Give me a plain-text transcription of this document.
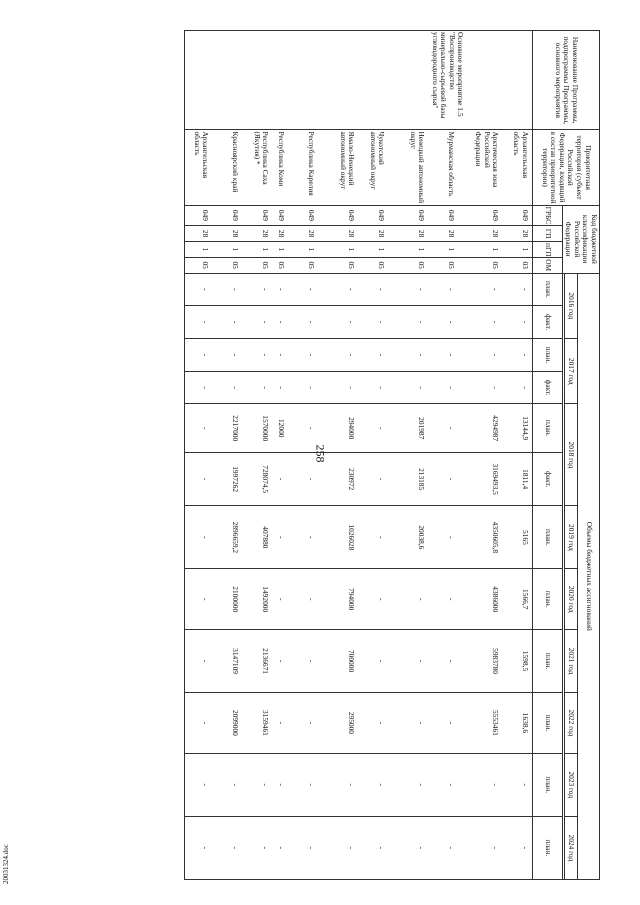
258
20031324.doc
Наименование Программы, подпрограммы Программы, основного мероприятия	Приоритетная территория (субъект Российской Федерации, входящий в состав приоритетной территории)	Код бюджетной классификации Российской Федерации				Объемы бюджетных ассигнований											
						2016 год		2017 год		2018 год		2019 год	2020 год	2021 год	2022 год	2023 год	2024 год

		ГРБС	ГП	пГП	ОМ	план.	факт.	план.	факт.	план.	факт.	план.	план.	план.	план.	план.	план.
Основное мероприятие 1.5 "Воспроизводство минерально-сырьевой базы углеводородного сырья"	Архангельская область	049	28	1	03	-	-	-	-	13144,9	1811,4	5165	1566,7	1598,5	1638,6	-	-
	Арктическая зона Российской Федерации	049	28	1	05	-	-	-	-	4294987	3169493,5	4350605,8	4386000	5983780	5553461	-	-
	Мурманская область	049	28	1	05	-	-	-	-	-	-	-	-	-	-	-	-
	Ненецкий автономный округ	049	28	1	05	-	-	-	-	201987	213185	20038,6	-	-	-	-	-
	Чукотский автономный округ	049	28	1	05	-	-	-	-	-	-	-	-	-	-	-	-
	Ямало-Ненецкий автономный округ	049	28	1	05	-	-	-	-	294000	230972	1026028	794000	700000	295000	-	-
	Республика Карелия	049	28	1	05	-	-	-	-	-	-	-	-	-	-	-	-
	Республика Коми	049	28	1	05	-	-	-	-	12000	-	-	-	-	-	-	-
	Республика Саха (Якутия) *	049	28	1	05	-	-	-	-	1570000	728074,5	407880	1492000	2136671	3159461	-	-
	Красноярский край	049	28	1	05	-	-	-	-	2217000	1997262	2896659,2	2100000	3147109	2099000	-	-
	Архангельская область	049	28	1	05	-	-	-	-	-	-	-	-	-	-	-	-
